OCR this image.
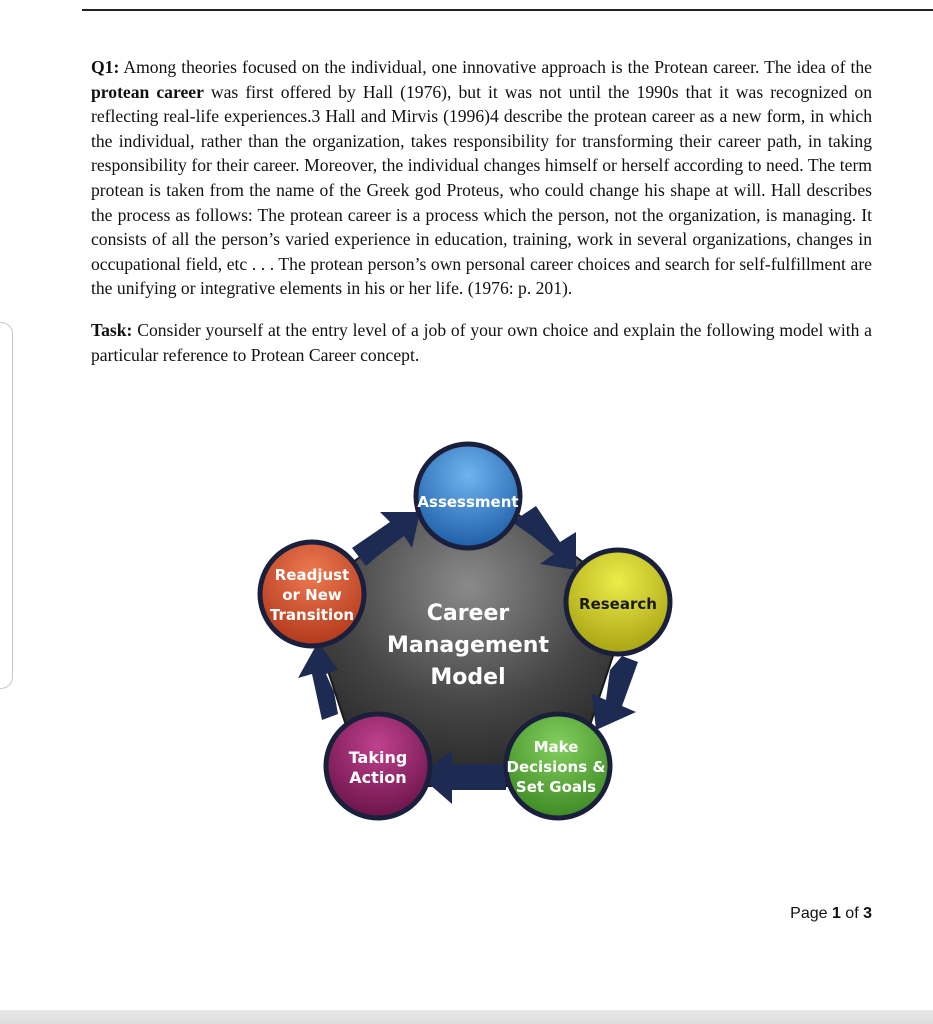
Q1: Among theories focused on the individual, one innovative approach is the Protean career. The idea of the protean career was first offered by Hall (1976), but it was not until the 1990s that it was recognized on reflecting real-life experiences.3 Hall and Mirvis (1996)4 describe the protean career as a new form, in which the individual, rather than the organization, takes responsibility for transforming their career path, in taking responsibility for their career. Moreover, the individual changes himself or herself according to need. The term protean is taken from the name of the Greek god Proteus, who could change his shape at will. Hall describes the process as follows: The protean career is a process which the person, not the organization, is managing. It consists of all the person’s varied experience in education, training, work in several organizations, changes in occupational field, etc . . . The protean person’s own personal career choices and search for self-fulfillment are the unifying or integrative elements in his or her life. (1976: p. 201).

Task: Consider yourself at the entry level of a job of your own choice and explain the following model with a particular reference to Protean Career concept.

Career
Management
Model
Assessment
Research
Make
Decisions &
Set Goals
Taking
Action
Readjust
or New
Transition
Page 1 of 3
